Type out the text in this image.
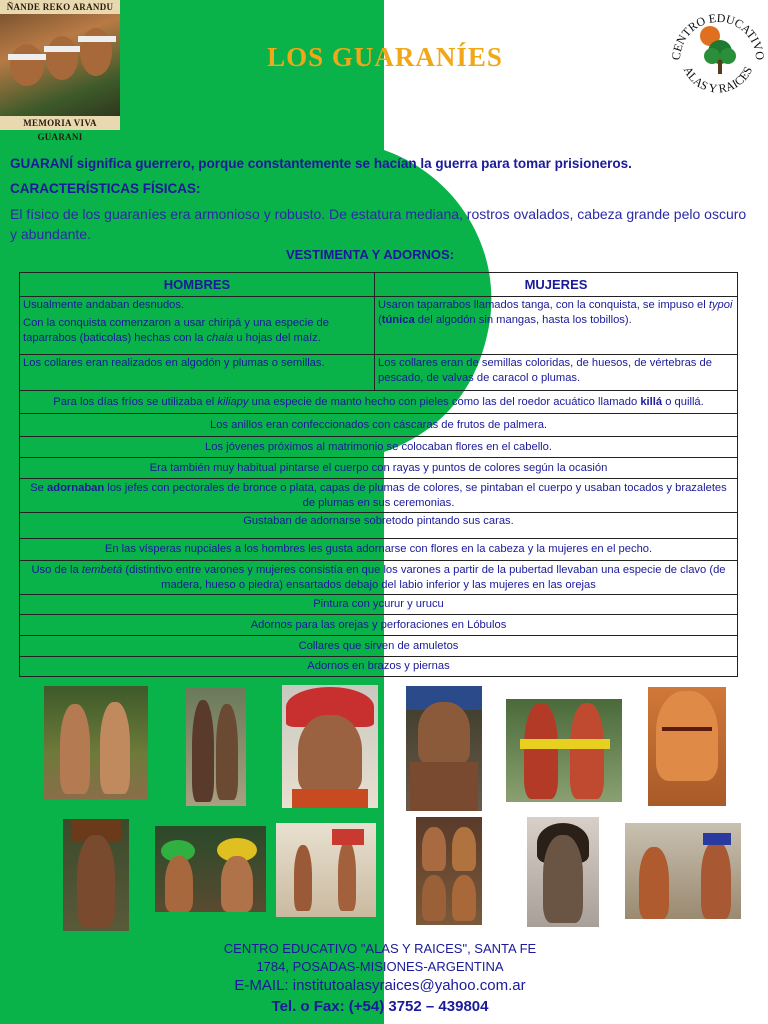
ÑANDE REKO ARANDU
MEMORIA VIVA GUARANI
LOS GUARANÍES	CENTRO EDUCATIVO
ALAS Y RAICES
GUARANÍ significa guerrero, porque constantemente se hacían la guerra para tomar prisioneros.
CARACTERÍSTICAS FÍSICAS:
El físico de los guaraníes era armonioso y robusto. De estatura mediana, rostros ovalados, cabeza grande pelo oscuro y abundante.
VESTIMENTA Y ADORNOS:
HOMBRES	MUJERES

Usualmente andaban desnudos.
Con la conquista comenzaron a usar chiripá y una especie de taparrabos (baticolas) hechas con la chaia u hojas del maíz.	Usaron taparrabos llamados tanga, con la conquista, se impuso el typoi (túnica del algodón sin mangas, hasta los tobillos).
Los collares eran realizados en algodón y plumas o semillas.	Los collares eran de semillas coloridas, de huesos, de vértebras de pescado, de valvas de caracol o plumas.
Para los días fríos se utilizaba el kiliapy una especie de manto hecho con pieles como las del roedor acuático llamado killá o quillá.	
Los anillos eran confeccionados con cáscaras de frutos de palmera.	
Los jóvenes próximos al matrimonio se colocaban flores en el cabello.	
Era también muy habitual pintarse el cuerpo con rayas y puntos de colores según la ocasión	
Se adornaban los jefes con pectorales de bronce o plata, capas de plumas de colores, se pintaban el cuerpo y usaban tocados y brazaletes de plumas en sus ceremonias.	
Gustaban de adornarse sobretodo pintando sus caras.	
En las vísperas nupciales a los hombres les gusta adornarse con flores en la cabeza y la mujeres en el pecho.	
Uso de la tembetá (distintivo entre varones y mujeres consistía en que los varones a partir de la pubertad llevaban una especie de clavo (de madera, hueso o piedra) ensartados debajo del labio inferior y las mujeres en las orejas	
Pintura con ycurur y urucu	
Adornos para las orejas y perforaciones en Lóbulos	
Collares que sirven de amuletos	
Adornos en brazos y piernas	
CENTRO EDUCATIVO "ALAS Y RAICES", SANTA FE
1784, POSADAS-MISIONES-ARGENTINA
E-MAIL: institutoalasyraices@yahoo.com.ar
Tel. o Fax: (+54) 3752 – 439804
